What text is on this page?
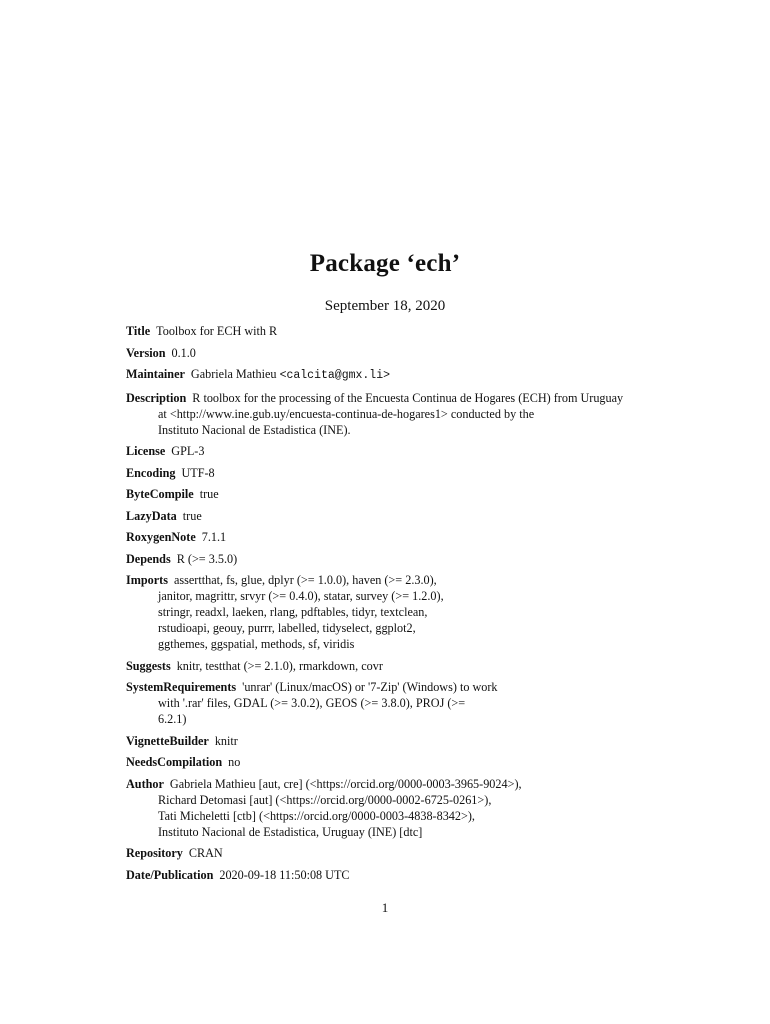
Package ‘ech’
September 18, 2020
Title Toolbox for ECH with R
Version 0.1.0
Maintainer Gabriela Mathieu <calcita@gmx.li>
Description R toolbox for the processing of the Encuesta Continua de Hogares (ECH) from Uruguay
at <http://www.ine.gub.uy/encuesta-continua-de-hogares1> conducted by the
Instituto Nacional de Estadistica (INE).
License GPL-3
Encoding UTF-8
ByteCompile true
LazyData true
RoxygenNote 7.1.1
Depends R (>= 3.5.0)
Imports assertthat, fs, glue, dplyr (>= 1.0.0), haven (>= 2.3.0),
janitor, magrittr, srvyr (>= 0.4.0), statar, survey (>= 1.2.0),
stringr, readxl, laeken, rlang, pdftables, tidyr, textclean,
rstudioapi, geouy, purrr, labelled, tidyselect, ggplot2,
ggthemes, ggspatial, methods, sf, viridis
Suggests knitr, testthat (>= 2.1.0), rmarkdown, covr
SystemRequirements 'unrar' (Linux/macOS) or '7-Zip' (Windows) to work
with '.rar' files, GDAL (>= 3.0.2), GEOS (>= 3.8.0), PROJ (>=
6.2.1)
VignetteBuilder knitr
NeedsCompilation no
Author Gabriela Mathieu [aut, cre] (<https://orcid.org/0000-0003-3965-9024>),
Richard Detomasi [aut] (<https://orcid.org/0000-0002-6725-0261>),
Tati Micheletti [ctb] (<https://orcid.org/0000-0003-4838-8342>),
Instituto Nacional de Estadistica, Uruguay (INE) [dtc]
Repository CRAN
Date/Publication 2020-09-18 11:50:08 UTC
1
